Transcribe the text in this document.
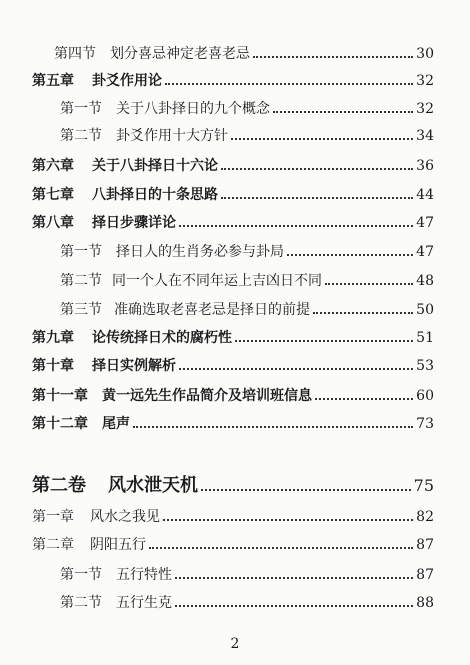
第四节 划分喜忌神定老喜老忌	30
第五章 卦爻作用论	32
第一节 关于八卦择日的九个概念	32
第二节 卦爻作用十大方针	34
第六章 关于八卦择日十六论	36
第七章 八卦择日的十条思路	44
第八章 择日步骤详论	47
第一节 择日人的生肖务必参与卦局	47
第二节 同一个人在不同年运上吉凶日不同	48
第三节 准确选取老喜老忌是择日的前提	50
第九章 论传统择日术的腐朽性	51
第十章 择日实例解析	53
第十一章 黄一远先生作品简介及培训班信息	60
第十二章 尾声	73
第二卷 风水泄天机	75
第一章 风水之我见	82
第二章 阴阳五行	87
第一节 五行特性	87
第二节 五行生克	88
2
